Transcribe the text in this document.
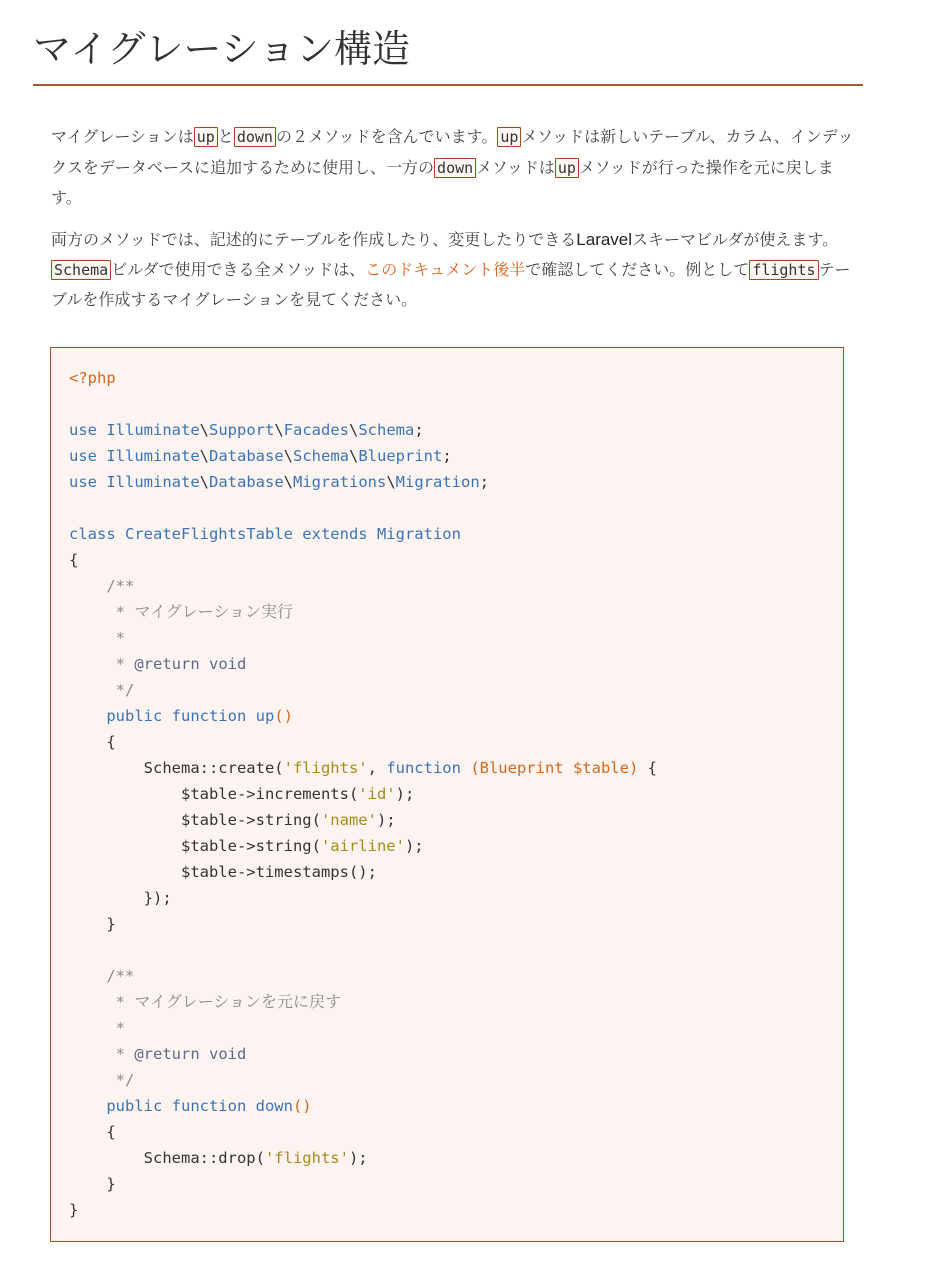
マイグレーション構造

マイグレーションは up と down の２メソッドを含んでいます。 up メソッドは新しいテーブル、カラム、インデックスをデータベースに追加するために使用し、一方の down メソッドは up メソッドが行った操作を元に戻します。

両方のメソッドでは、記述的にテーブルを作成したり、変更したりできるLaravelスキーマビルダが使えます。Schema ビルダで使用できる全メソッドは、このドキュメント後半で確認してください。例として flights テーブルを作成するマイグレーションを見てください。

<?php
use Illuminate\Support\Facades\Schema;
use Illuminate\Database\Schema\Blueprint;
use Illuminate\Database\Migrations\Migration;
class CreateFlightsTable extends Migration
{
/**
* マイグレーション実行
*
* @return void
*/
public function up()
{
Schema::create('flights', function (Blueprint $table) {
$table->increments('id');
$table->string('name');
$table->string('airline');
$table->timestamps();
});
}
/**
* マイグレーションを元に戻す
*
* @return void
*/
public function down()
{
Schema::drop('flights');
}
}
